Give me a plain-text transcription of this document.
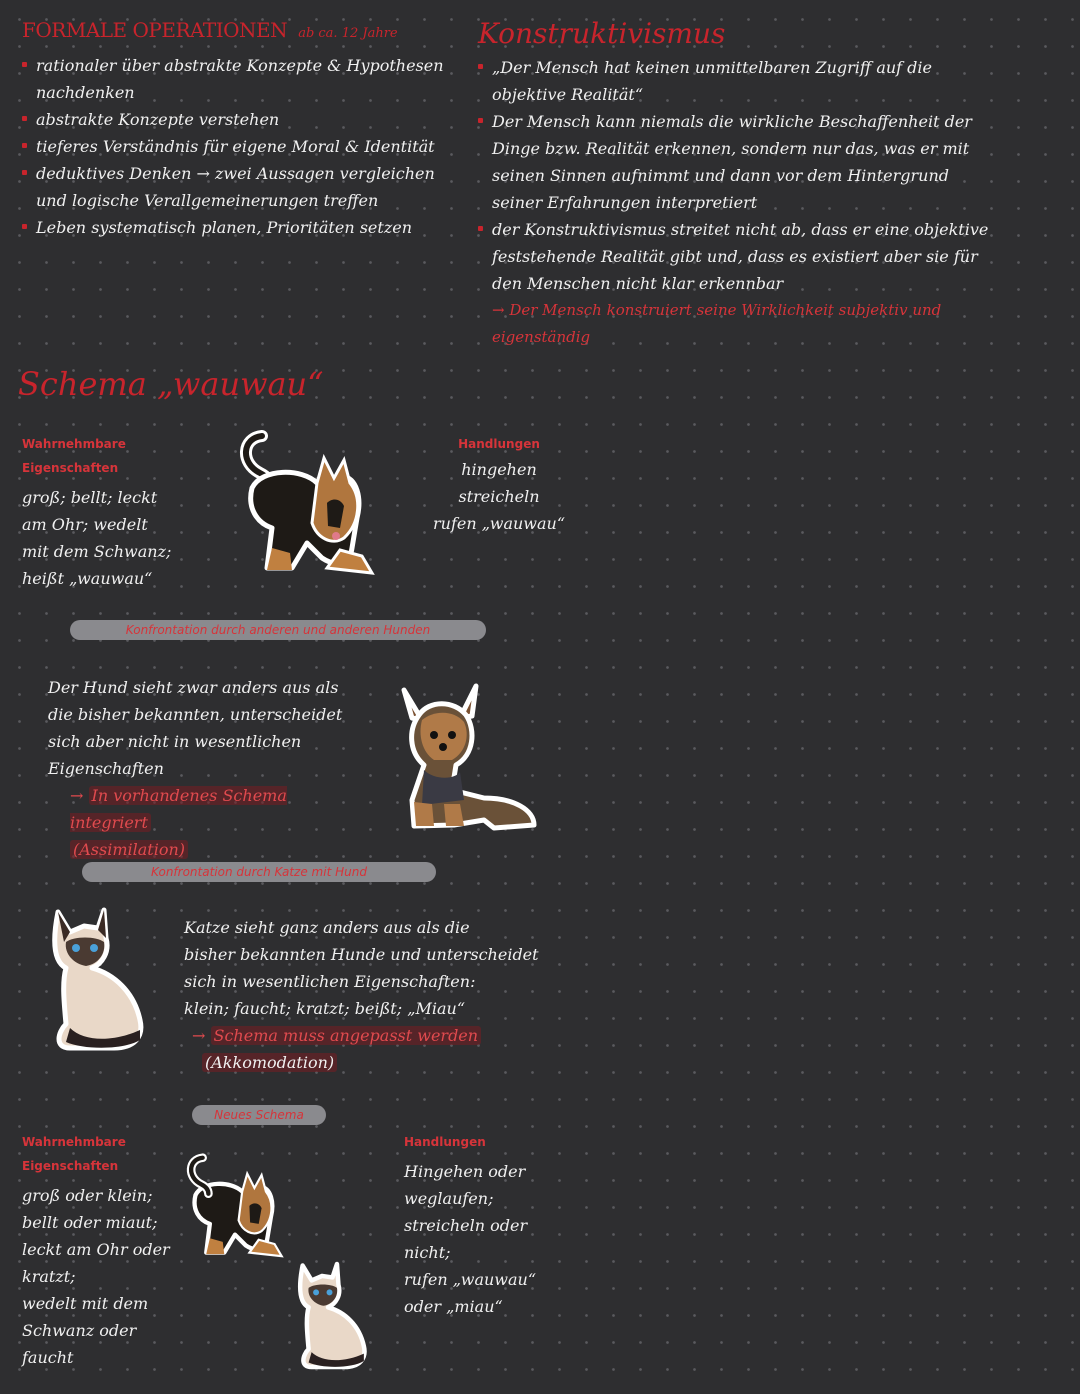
FORMALE OPERATIONEN ab ca. 12 Jahre
rationaler über abstrakte Konzepte & Hypothesen nachdenken
abstrakte Konzepte verstehen
tieferes Verständnis für eigene Moral & Identität
deduktives Denken → zwei Aussagen vergleichen und logische Verallgemeinerungen treffen
Leben systematisch planen, Prioritäten setzen
Konstruktivismus
„Der Mensch hat keinen unmittelbaren Zugriff auf die objektive Realität“
Der Mensch kann niemals die wirkliche Beschaffenheit der Dinge bzw. Realität erkennen, sondern nur das, was er mit seinen Sinnen aufnimmt und dann vor dem Hintergrund seiner Erfahrungen interpretiert
der Konstruktivismus streitet nicht ab, dass er eine objektive feststehende Realität gibt und, dass es existiert aber sie für den Menschen nicht klar erkennbar
→ Der Mensch konstruiert seine Wirklichkeit subjektiv und eigenständig
Schema „wauwau“
Wahrnehmbare Eigenschaften
groß; bellt; leckt
am Ohr; wedelt
mit dem Schwanz;
heißt „wauwau“
Handlungen
hingehen
streicheln
rufen „wauwau“
Konfrontation durch anderen und anderen Hunden
Der Hund sieht zwar anders aus als
die bisher bekannten, unterscheidet
sich aber nicht in wesentlichen
Eigenschaften
→ In vorhandenes Schema integriert
(Assimilation)
Konfrontation durch Katze mit Hund
Katze sieht ganz anders aus als die
bisher bekannten Hunde und unterscheidet
sich in wesentlichen Eigenschaften:
klein; faucht; kratzt; beißt; „Miau“
→ Schema muss angepasst werden
(Akkomodation)
Neues Schema
Wahrnehmbare Eigenschaften
groß oder klein;
bellt oder miaut;
leckt am Ohr oder
kratzt;
wedelt mit dem
Schwanz oder
faucht
Handlungen
Hingehen oder
weglaufen;
streicheln oder
nicht;
rufen „wauwau“
oder „miau“
